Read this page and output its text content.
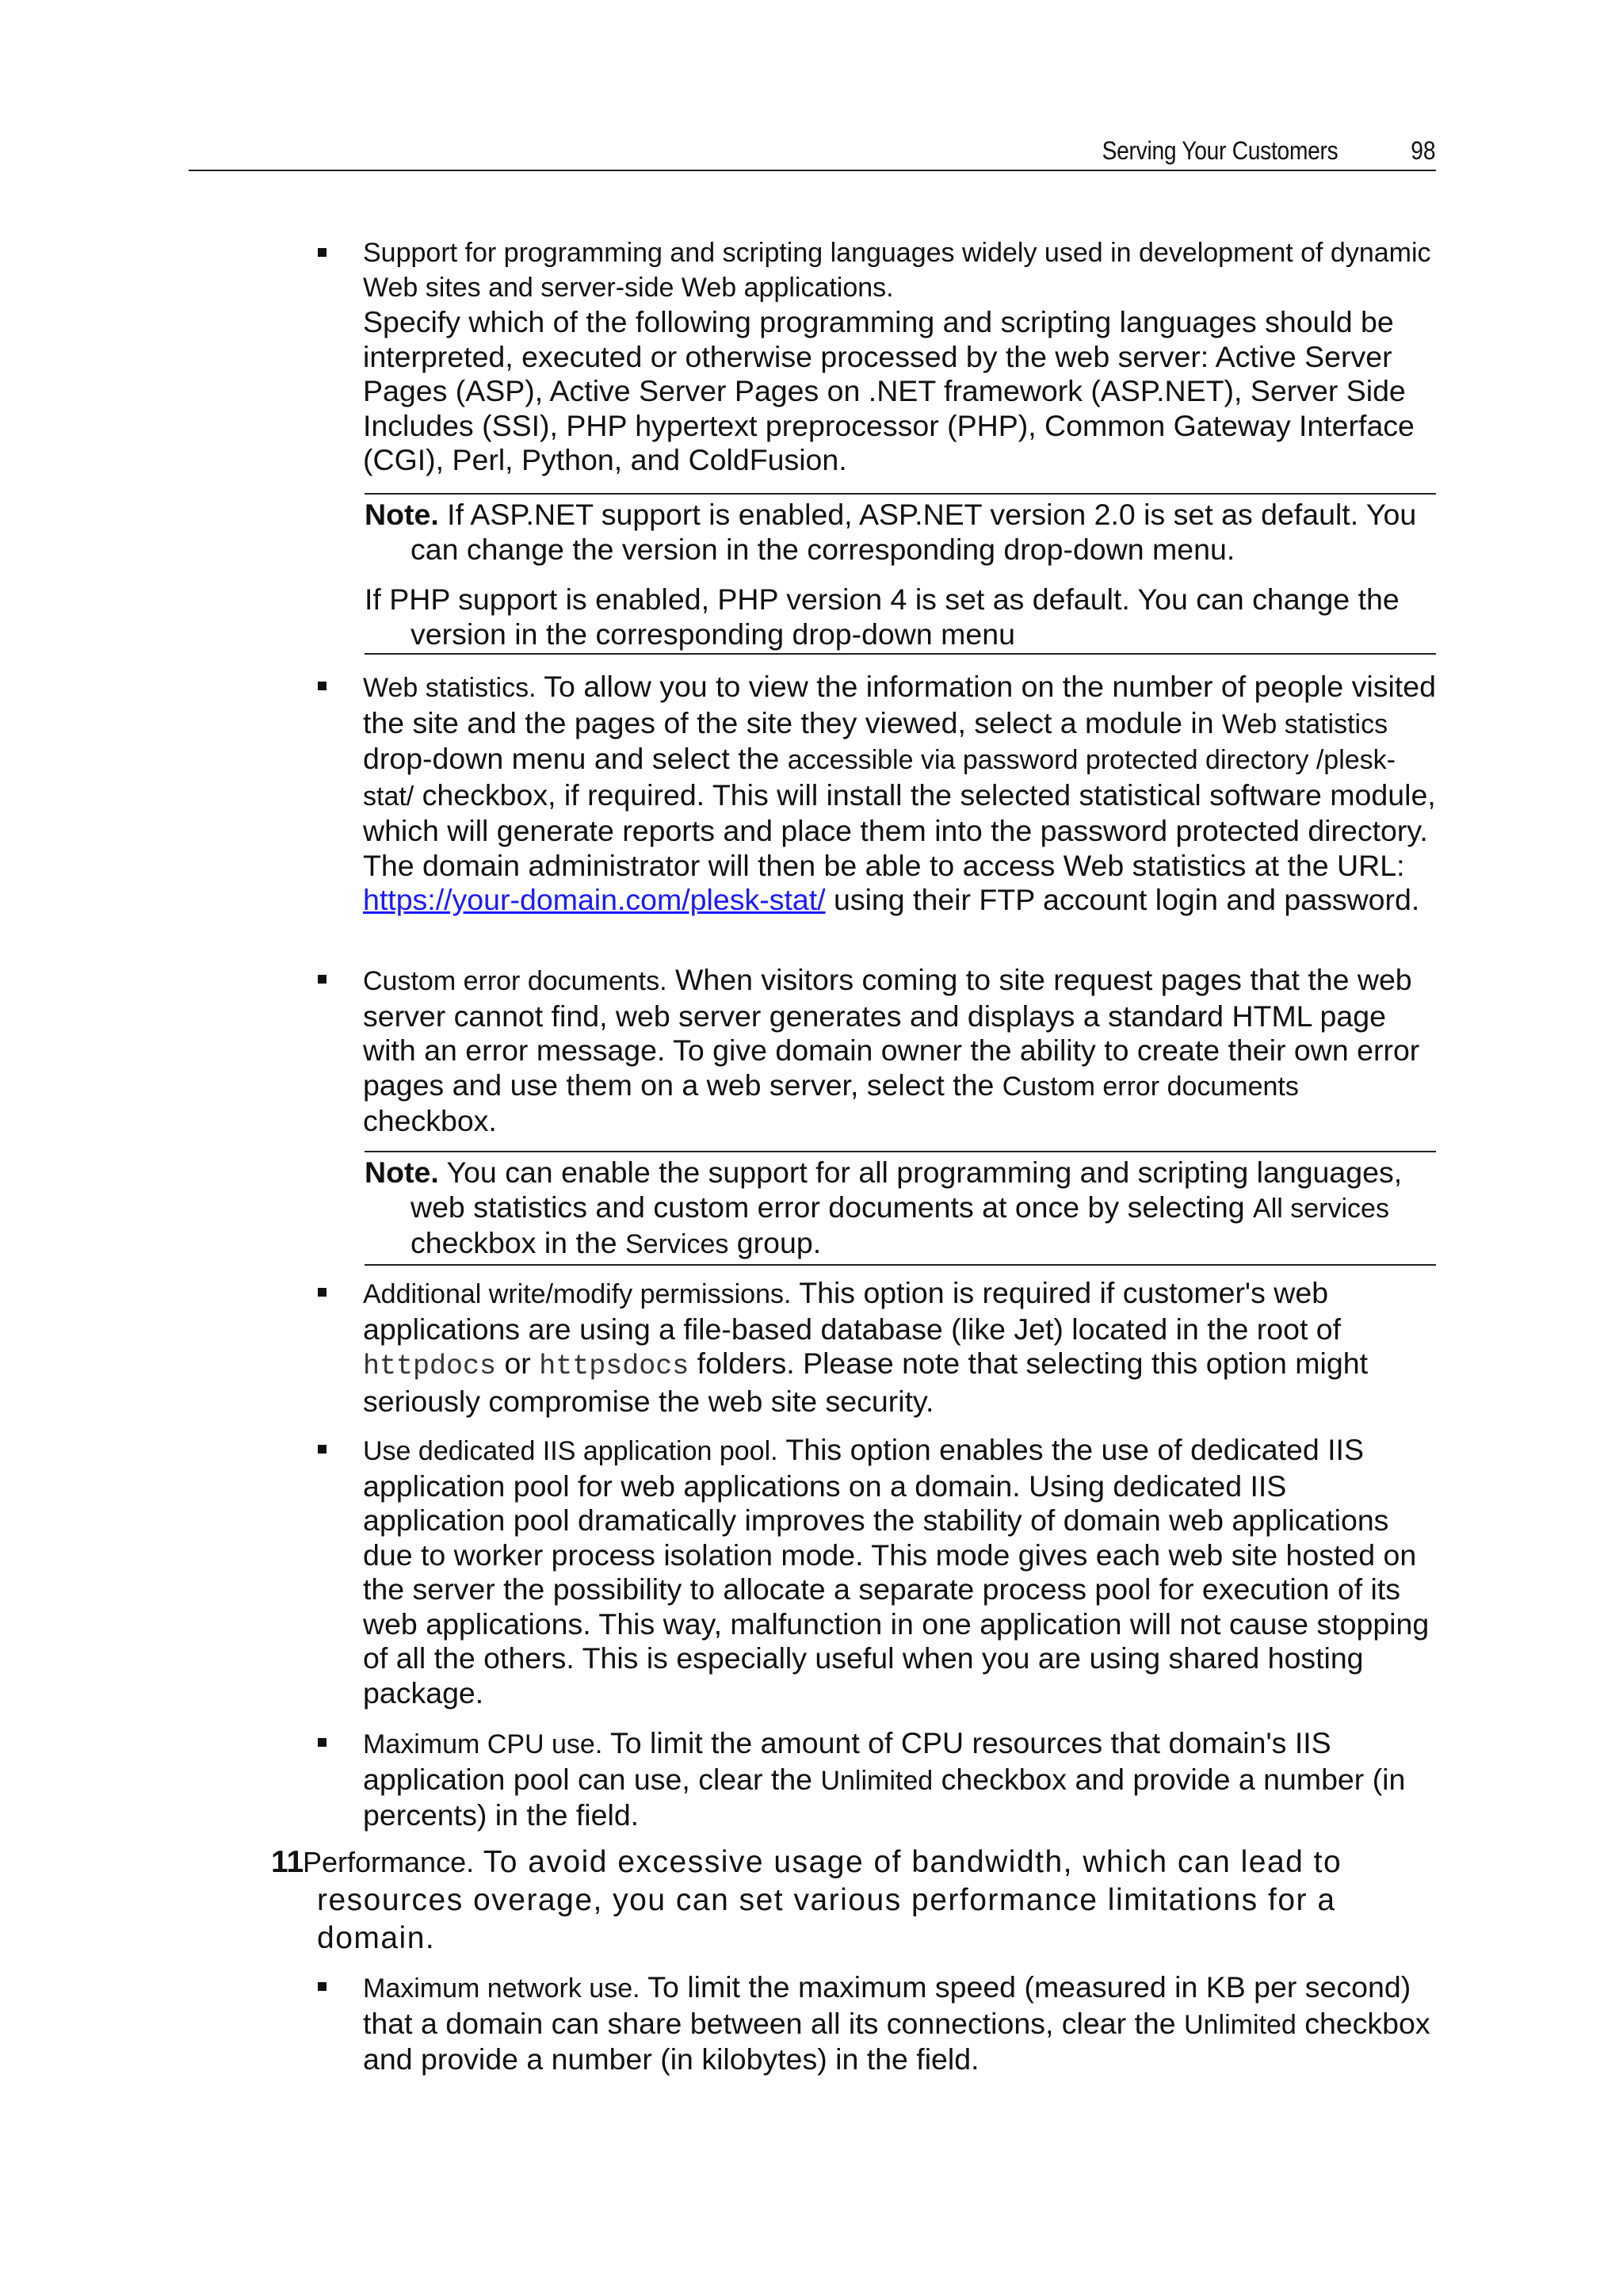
Serving Your Customers	98
Support for programming and scripting languages widely used in development of dynamic Web sites and server-side Web applications. Specify which of the following programming and scripting languages should be interpreted, executed or otherwise processed by the web server: Active Server Pages (ASP), Active Server Pages on .NET framework (ASP.NET), Server Side Includes (SSI), PHP hypertext preprocessor (PHP), Common Gateway Interface (CGI), Perl, Python, and ColdFusion.

Note. If ASP.NET support is enabled, ASP.NET version 2.0 is set as default. You can change the version in the corresponding drop-down menu.

If PHP support is enabled, PHP version 4 is set as default. You can change the version in the corresponding drop-down menu

Web statistics. To allow you to view the information on the number of people visited the site and the pages of the site they viewed, select a module in Web statistics drop-down menu and select the accessible via password protected directory /plesk-stat/ checkbox, if required. This will install the selected statistical software module, which will generate reports and place them into the password protected directory. The domain administrator will then be able to access Web statistics at the URL: https://your-domain.com/plesk-stat/ using their FTP account login and password.
Custom error documents. When visitors coming to site request pages that the web server cannot find, web server generates and displays a standard HTML page with an error message. To give domain owner the ability to create their own error pages and use them on a web server, select the Custom error documents checkbox.

Note. You can enable the support for all programming and scripting languages, web statistics and custom error documents at once by selecting All services checkbox in the Services group.

Additional write/modify permissions. This option is required if customer's web applications are using a file-based database (like Jet) located in the root of httpdocs or httpsdocs folders. Please note that selecting this option might seriously compromise the web site security.
Use dedicated IIS application pool. This option enables the use of dedicated IIS application pool for web applications on a domain. Using dedicated IIS application pool dramatically improves the stability of domain web applications due to worker process isolation mode. This mode gives each web site hosted on the server the possibility to allocate a separate process pool for execution of its web applications. This way, malfunction in one application will not cause stopping of all the others. This is especially useful when you are using shared hosting package.
Maximum CPU use. To limit the amount of CPU resources that domain's IIS application pool can use, clear the Unlimited checkbox and provide a number (in percents) in the field.
11
Performance. To avoid excessive usage of bandwidth, which can lead to resources overage, you can set various performance limitations for a domain.
Maximum network use. To limit the maximum speed (measured in KB per second) that a domain can share between all its connections, clear the Unlimited checkbox and provide a number (in kilobytes) in the field.
